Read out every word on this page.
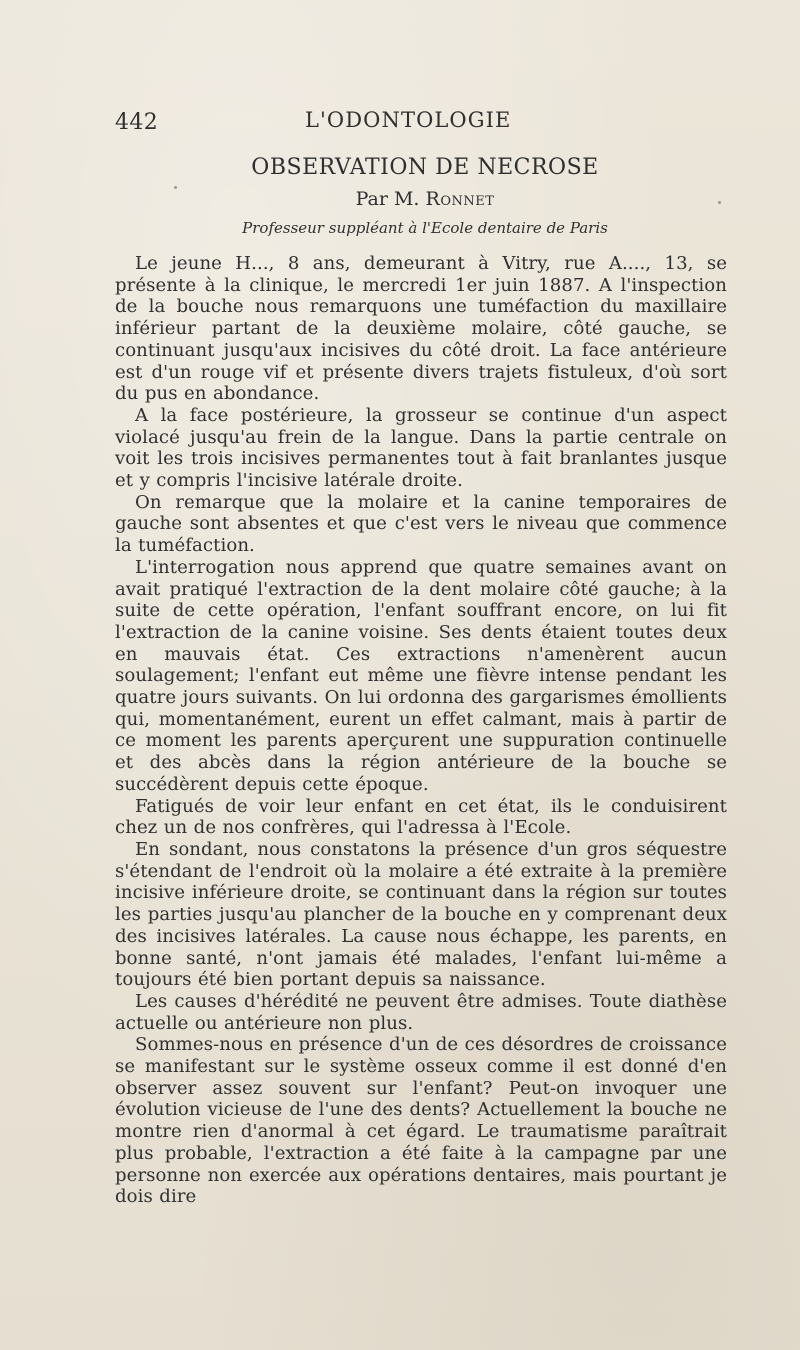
442	L'ODONTOLOGIE
OBSERVATION DE NECROSE

Par M. Ronnet

Professeur suppléant à l'Ecole dentaire de Paris

Le jeune H..., 8 ans, demeurant à Vitry, rue A...., 13, se présente à la clinique, le mercredi 1er juin 1887. A l'inspection de la bouche nous remarquons une tuméfaction du maxillaire inférieur partant de la deuxième molaire, côté gauche, se continuant jusqu'aux incisives du côté droit. La face antérieure est d'un rouge vif et présente divers trajets fistuleux, d'où sort du pus en abondance.

A la face postérieure, la grosseur se continue d'un aspect violacé jusqu'au frein de la langue. Dans la partie centrale on voit les trois incisives permanentes tout à fait branlantes jusque et y compris l'incisive latérale droite.

On remarque que la molaire et la canine temporaires de gauche sont absentes et que c'est vers le niveau que commence la tuméfaction.

L'interrogation nous apprend que quatre semaines avant on avait pratiqué l'extraction de la dent molaire côté gauche; à la suite de cette opération, l'enfant souffrant encore, on lui fit l'extraction de la canine voisine. Ses dents étaient toutes deux en mauvais état. Ces extractions n'amenèrent aucun soulagement; l'enfant eut même une fièvre intense pendant les quatre jours suivants. On lui ordonna des gargarismes émollients qui, momentanément, eurent un effet calmant, mais à partir de ce moment les parents aperçurent une suppuration continuelle et des abcès dans la région antérieure de la bouche se succédèrent depuis cette époque.

Fatigués de voir leur enfant en cet état, ils le conduisirent chez un de nos confrères, qui l'adressa à l'Ecole.

En sondant, nous constatons la présence d'un gros séquestre s'étendant de l'endroit où la molaire a été extraite à la première incisive inférieure droite, se continuant dans la région sur toutes les parties jusqu'au plancher de la bouche en y comprenant deux des incisives latérales. La cause nous échappe, les parents, en bonne santé, n'ont jamais été malades, l'enfant lui-même a toujours été bien portant depuis sa naissance.

Les causes d'hérédité ne peuvent être admises. Toute diathèse actuelle ou antérieure non plus.

Sommes-nous en présence d'un de ces désordres de croissance se manifestant sur le système osseux comme il est donné d'en observer assez souvent sur l'enfant? Peut-on invoquer une évolution vicieuse de l'une des dents? Actuellement la bouche ne montre rien d'anormal à cet égard. Le traumatisme paraîtrait plus probable, l'extraction a été faite à la campagne par une personne non exercée aux opérations dentaires, mais pourtant je dois dire
